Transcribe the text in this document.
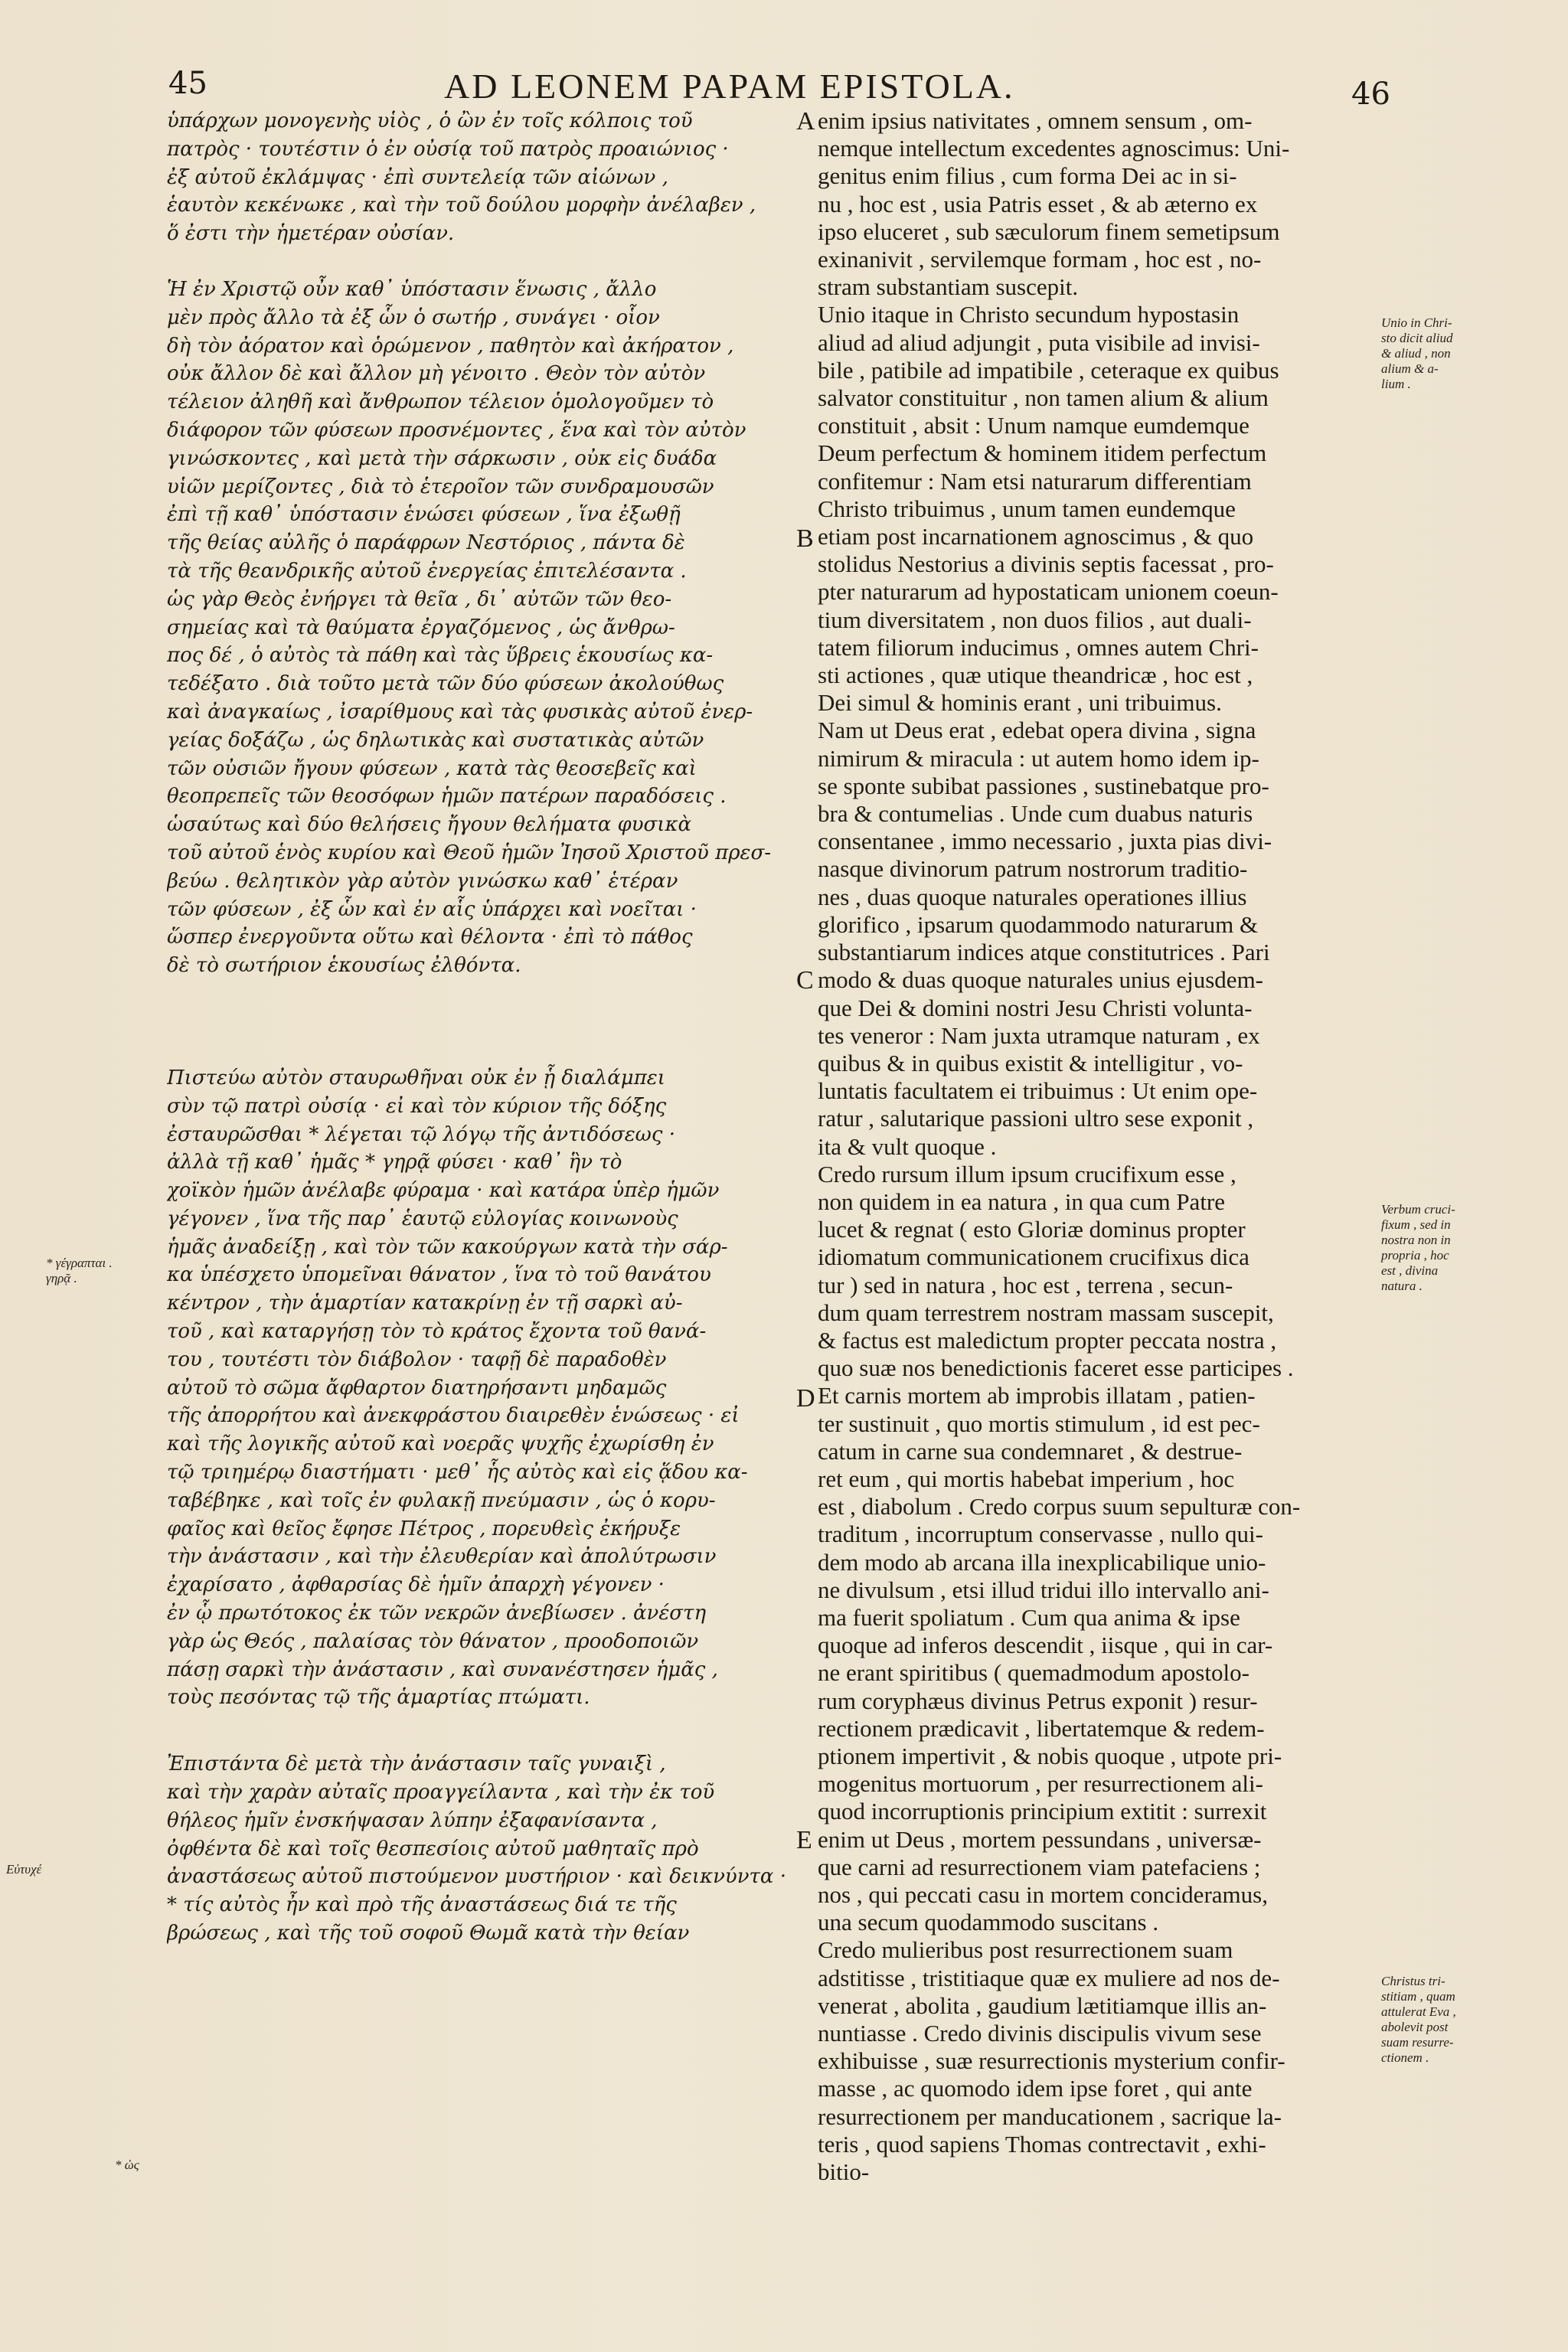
45	AD LEONEM PAPAM EPISTOLA.	46

ὑπάρχων μονογενὴς υἱὸς , ὁ ὢν ἐν τοῖς κόλποις τοῦ
πατρὸς · τουτέστιν ὁ ἐν οὐσίᾳ τοῦ πατρὸς προαιώνιος ·
ἐξ αὐτοῦ ἐκλάμψας · ἐπὶ συντελείᾳ τῶν αἰώνων ,
ἑαυτὸν κεκένωκε , καὶ τὴν τοῦ δούλου μορφὴν ἀνέλαβεν ,
ὅ ἐστι τὴν ἡμετέραν οὐσίαν.

Ἡ ἐν Χριστῷ οὖν καθ᾽ ὑπόστασιν ἕνωσις , ἄλλο
μὲν πρὸς ἄλλο τὰ ἐξ ὧν ὁ σωτήρ , συνάγει · οἷον
δὴ τὸν ἀόρατον καὶ ὁρώμενον , παθητὸν καὶ ἀκήρατον ,
οὐκ ἄλλον δὲ καὶ ἄλλον μὴ γένοιτο . Θεὸν τὸν αὐτὸν
τέλειον ἀληθῆ καὶ ἄνθρωπον τέλειον ὁμολογοῦμεν τὸ
διάφορον τῶν φύσεων προσνέμοντες , ἕνα καὶ τὸν αὐτὸν
γινώσκοντες , καὶ μετὰ τὴν σάρκωσιν , οὐκ εἰς δυάδα
υἱῶν μερίζοντες , διὰ τὸ ἑτεροῖον τῶν συνδραμουσῶν
ἐπὶ τῇ καθ᾽ ὑπόστασιν ἑνώσει φύσεων , ἵνα ἐξωθῇ
τῆς θείας αὐλῆς ὁ παράφρων Νεστόριος , πάντα δὲ
τὰ τῆς θεανδρικῆς αὐτοῦ ἐνεργείας ἐπιτελέσαντα .
ὡς γὰρ Θεὸς ἐνήργει τὰ θεῖα , δι᾽ αὐτῶν τῶν θεο-
σημείας καὶ τὰ θαύματα ἐργαζόμενος , ὡς ἄνθρω-
πος δέ , ὁ αὐτὸς τὰ πάθη καὶ τὰς ὕβρεις ἑκουσίως κα-
τεδέξατο . διὰ τοῦτο μετὰ τῶν δύο φύσεων ἀκολούθως
καὶ ἀναγκαίως , ἰσαρίθμους καὶ τὰς φυσικὰς αὐτοῦ ἐνερ-
γείας δοξάζω , ὡς δηλωτικὰς καὶ συστατικὰς αὐτῶν
τῶν οὐσιῶν ἤγουν φύσεων , κατὰ τὰς θεοσεβεῖς καὶ
θεοπρεπεῖς τῶν θεοσόφων ἡμῶν πατέρων παραδόσεις .
ὡσαύτως καὶ δύο θελήσεις ἤγουν θελήματα φυσικὰ
τοῦ αὐτοῦ ἑνὸς κυρίου καὶ Θεοῦ ἡμῶν Ἰησοῦ Χριστοῦ πρεσ-
βεύω . θελητικὸν γὰρ αὐτὸν γινώσκω καθ᾽ ἑτέραν
τῶν φύσεων , ἐξ ὧν καὶ ἐν αἷς ὑπάρχει καὶ νοεῖται ·
ὥσπερ ἐνεργοῦντα οὕτω καὶ θέλοντα · ἐπὶ τὸ πάθος
δὲ τὸ σωτήριον ἑκουσίως ἐλθόντα.

Πιστεύω αὐτὸν σταυρωθῆναι οὐκ ἐν ᾗ διαλάμπει
σὺν τῷ πατρὶ οὐσίᾳ · εἰ καὶ τὸν κύριον τῆς δόξης
ἐσταυρῶσθαι * λέγεται τῷ λόγῳ τῆς ἀντιδόσεως ·
ἀλλὰ τῇ καθ᾽ ἡμᾶς * γηρᾷ φύσει · καθ᾽ ἣν τὸ
χοϊκὸν ἡμῶν ἀνέλαβε φύραμα · καὶ κατάρα ὑπὲρ ἡμῶν
γέγονεν , ἵνα τῆς παρ᾽ ἑαυτῷ εὐλογίας κοινωνοὺς
ἡμᾶς ἀναδείξῃ , καὶ τὸν τῶν κακούργων κατὰ τὴν σάρ-
κα ὑπέσχετο ὑπομεῖναι θάνατον , ἵνα τὸ τοῦ θανάτου
κέντρον , τὴν ἁμαρτίαν κατακρίνῃ ἐν τῇ σαρκὶ αὐ-
τοῦ , καὶ καταργήσῃ τὸν τὸ κράτος ἔχοντα τοῦ θανά-
του , τουτέστι τὸν διάβολον · ταφῇ δὲ παραδοθὲν
αὐτοῦ τὸ σῶμα ἄφθαρτον διατηρήσαντι μηδαμῶς
τῆς ἀπορρήτου καὶ ἀνεκφράστου διαιρεθὲν ἑνώσεως · εἰ
καὶ τῆς λογικῆς αὐτοῦ καὶ νοερᾶς ψυχῆς ἐχωρίσθη ἐν
τῷ τριημέρῳ διαστήματι · μεθ᾽ ἧς αὐτὸς καὶ εἰς ᾅδου κα-
ταβέβηκε , καὶ τοῖς ἐν φυλακῇ πνεύμασιν , ὡς ὁ κορυ-
φαῖος καὶ θεῖος ἔφησε Πέτρος , πορευθεὶς ἐκήρυξε
τὴν ἀνάστασιν , καὶ τὴν ἐλευθερίαν καὶ ἀπολύτρωσιν
ἐχαρίσατο , ἀφθαρσίας δὲ ἡμῖν ἀπαρχὴ γέγονεν ·
ἐν ᾧ πρωτότοκος ἐκ τῶν νεκρῶν ἀνεβίωσεν . ἀνέστη
γὰρ ὡς Θεός , παλαίσας τὸν θάνατον , προοδοποιῶν
πάσῃ σαρκὶ τὴν ἀνάστασιν , καὶ συνανέστησεν ἡμᾶς ,
τοὺς πεσόντας τῷ τῆς ἁμαρτίας πτώματι.

Ἐπιστάντα δὲ μετὰ τὴν ἀνάστασιν ταῖς γυναιξὶ ,
καὶ τὴν χαρὰν αὐταῖς προαγγείλαντα , καὶ τὴν ἐκ τοῦ
θήλεος ἡμῖν ἐνσκήψασαν λύπην ἐξαφανίσαντα ,
ὀφθέντα δὲ καὶ τοῖς θεσπεσίοις αὐτοῦ μαθηταῖς πρὸ
ἀναστάσεως αὐτοῦ πιστούμενον μυστήριον · καὶ δεικνύντα ·
* τίς αὐτὸς ἦν καὶ πρὸ τῆς ἀναστάσεως διά τε τῆς
βρώσεως , καὶ τῆς τοῦ σοφοῦ Θωμᾶ κατὰ τὴν θείαν

enim ipsius nativitates , omnem sensum , om-
nemque intellectum excedentes agnoscimus: Uni-
genitus enim filius , cum forma Dei ac in si-
nu , hoc est , usia Patris esset , & ab æterno ex
ipso eluceret , sub sæculorum finem semetipsum
exinanivit , servilemque formam , hoc est , no-
stram substantiam suscepit.

Unio itaque in Christo secundum hypostasin
aliud ad aliud adjungit , puta visibile ad invisi-
bile , patibile ad impatibile , ceteraque ex quibus
salvator constituitur , non tamen alium & alium
constituit , absit : Unum namque eumdemque
Deum perfectum & hominem itidem perfectum
confitemur : Nam etsi naturarum differentiam
Christo tribuimus , unum tamen eundemque
etiam post incarnationem agnoscimus , & quo
stolidus Nestorius a divinis septis facessat , pro-
pter naturarum ad hypostaticam unionem coeun-
tium diversitatem , non duos filios , aut duali-
tatem filiorum inducimus , omnes autem Chri-
sti actiones , quæ utique theandricæ , hoc est ,
Dei simul & hominis erant , uni tribuimus.
Nam ut Deus erat , edebat opera divina , signa
nimirum & miracula : ut autem homo idem ip-
se sponte subibat passiones , sustinebatque pro-
bra & contumelias . Unde cum duabus naturis
consentanee , immo necessario , juxta pias divi-
nasque divinorum patrum nostrorum traditio-
nes , duas quoque naturales operationes illius
glorifico , ipsarum quodammodo naturarum &
substantiarum indices atque constitutrices . Pari
modo & duas quoque naturales unius ejusdem-
que Dei & domini nostri Jesu Christi volunta-
tes veneror : Nam juxta utramque naturam , ex
quibus & in quibus existit & intelligitur , vo-
luntatis facultatem ei tribuimus : Ut enim ope-
ratur , salutarique passioni ultro sese exponit ,
ita & vult quoque .

Credo rursum illum ipsum crucifixum esse ,
non quidem in ea natura , in qua cum Patre
lucet & regnat ( esto Gloriæ dominus propter
idiomatum communicationem crucifixus dica
tur ) sed in natura , hoc est , terrena , secun-
dum quam terrestrem nostram massam suscepit,
& factus est maledictum propter peccata nostra ,
quo suæ nos benedictionis faceret esse participes .
Et carnis mortem ab improbis illatam , patien-
ter sustinuit , quo mortis stimulum , id est pec-
catum in carne sua condemnaret , & destrue-
ret eum , qui mortis habebat imperium , hoc
est , diabolum . Credo corpus suum sepulturæ con-
traditum , incorruptum conservasse , nullo qui-
dem modo ab arcana illa inexplicabilique unio-
ne divulsum , etsi illud tridui illo intervallo ani-
ma fuerit spoliatum . Cum qua anima & ipse
quoque ad inferos descendit , iisque , qui in car-
ne erant spiritibus ( quemadmodum apostolo-
rum coryphæus divinus Petrus exponit ) resur-
rectionem prædicavit , libertatemque & redem-
ptionem impertivit , & nobis quoque , utpote pri-
mogenitus mortuorum , per resurrectionem ali-
quod incorruptionis principium extitit : surrexit
enim ut Deus , mortem pessundans , universæ-
que carni ad resurrectionem viam patefaciens ;
nos , qui peccati casu in mortem concideramus,
una secum quodammodo suscitans .

Credo mulieribus post resurrectionem suam
adstitisse , tristitiaque quæ ex muliere ad nos de-
venerat , abolita , gaudium lætitiamque illis an-
nuntiasse . Credo divinis discipulis vivum sese
exhibuisse , suæ resurrectionis mysterium confir-
masse , ac quomodo idem ipse foret , qui ante
resurrectionem per manducationem , sacrique la-
teris , quod sapiens Thomas contrectavit , exhi-
bitio-

A
B
C
D
E
Unio in Chri-
sto dicit aliud
& aliud , non
alium & a-
lium .
Verbum cruci-
fixum , sed in
nostra non in
propria , hoc
est , divina
natura .
Christus tri-
stitiam , quam
attulerat Eva ,
abolevit post
suam resurre-
ctionem .
* γέγραπται .
γηρᾷ .
Εὐτυχέ
* ὡς
